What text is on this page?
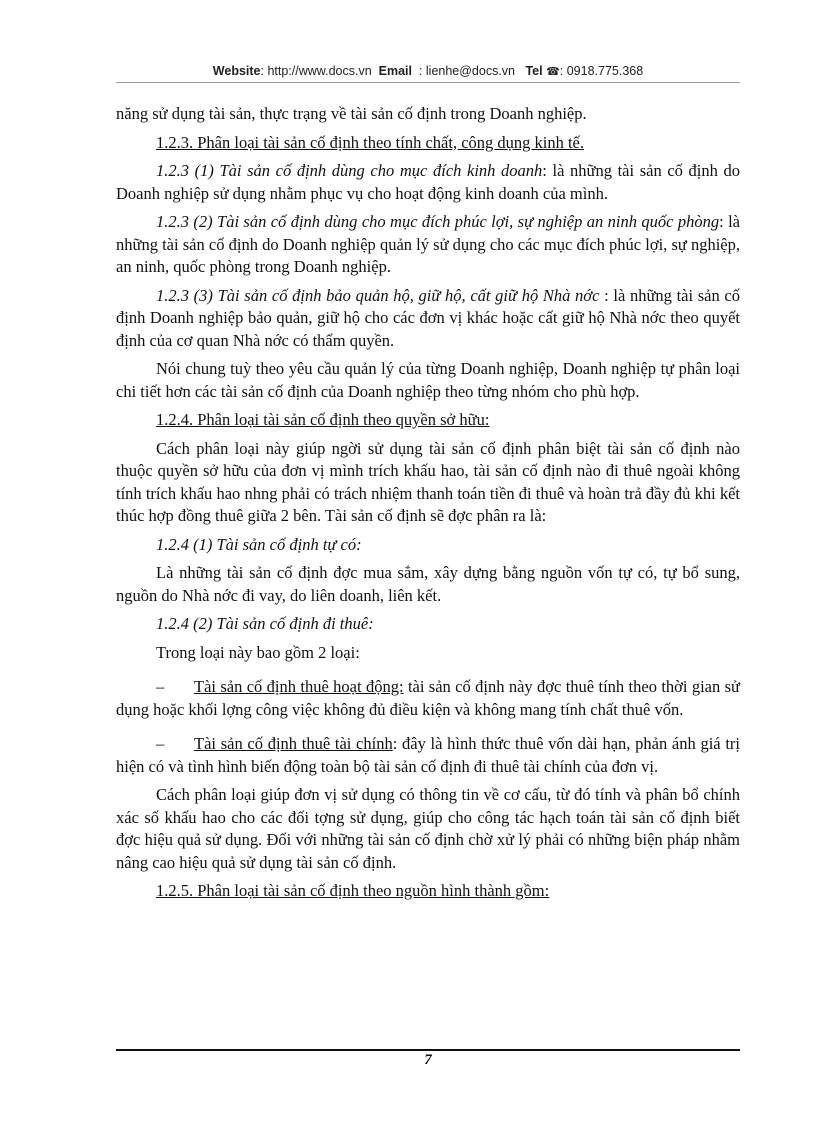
Website: http://www.docs.vn Email : lienhe@docs.vn Tel ☎: 0918.775.368

năng sử dụng tài sản, thực trạng về tài sản cố định trong Doanh nghiệp.

1.2.3. Phân loại tài sản cố định theo tính chất, công dụng kinh tế.

1.2.3 (1) Tài sản cố định dùng cho mục đích kinh doanh: là những tài sản cố định do Doanh nghiệp sử dụng nhằm phục vụ cho hoạt động kinh doanh của mình.

1.2.3 (2) Tài sản cố định dùng cho mục đích phúc lợi, sự nghiệp an ninh quốc phòng: là những tài sản cố định do Doanh nghiệp quản lý sử dụng cho các mục đích phúc lợi, sự nghiệp, an ninh, quốc phòng trong Doanh nghiệp.

1.2.3 (3) Tài sản cố định bảo quản hộ, giữ hộ, cất giữ hộ Nhà nớc : là những tài sản cố định Doanh nghiệp bảo quản, giữ hộ cho các đơn vị khác hoặc cất giữ hộ Nhà nớc theo quyết định của cơ quan Nhà nớc có thẩm quyền.

Nói chung tuỳ theo yêu cầu quản lý của từng Doanh nghiệp, Doanh nghiệp tự phân loại chi tiết hơn các tài sản cố định của Doanh nghiệp theo từng nhóm cho phù hợp.

1.2.4. Phân loại tài sản cố định theo quyền sở hữu:

Cách phân loại này giúp ngời sử dụng tài sản cố định phân biệt tài sản cố định nào thuộc quyền sở hữu của đơn vị mình trích khấu hao, tài sản cố định nào đi thuê ngoài không tính trích khấu hao nhng phải có trách nhiệm thanh toán tiền đi thuê và hoàn trả đầy đủ khi kết thúc hợp đồng thuê giữa 2 bên. Tài sản cố định sẽ đợc phân ra là:

1.2.4 (1) Tài sản cố định tự có:

Là những tài sản cố định đợc mua sắm, xây dựng bằng nguồn vốn tự có, tự bổ sung, nguồn do Nhà nớc đi vay, do liên doanh, liên kết.

1.2.4 (2) Tài sản cố định đi thuê:

Trong loại này bao gồm 2 loại:

– Tài sản cố định thuê hoạt động: tài sản cố định này đợc thuê tính theo thời gian sử dụng hoặc khối lợng công việc không đủ điều kiện và không mang tính chất thuê vốn.

– Tài sản cố định thuê tài chính: đây là hình thức thuê vốn dài hạn, phản ánh giá trị hiện có và tình hình biến động toàn bộ tài sản cố định đi thuê tài chính của đơn vị.

Cách phân loại giúp đơn vị sử dụng có thông tin về cơ cấu, từ đó tính và phân bổ chính xác số khấu hao cho các đối tợng sử dụng, giúp cho công tác hạch toán tài sản cố định biết đợc hiệu quả sử dụng. Đối với những tài sản cố định chờ xử lý phải có những biện pháp nhằm nâng cao hiệu quả sử dụng tài sản cố định.

1.2.5. Phân loại tài sản cố định theo nguồn hình thành gồm:

7
